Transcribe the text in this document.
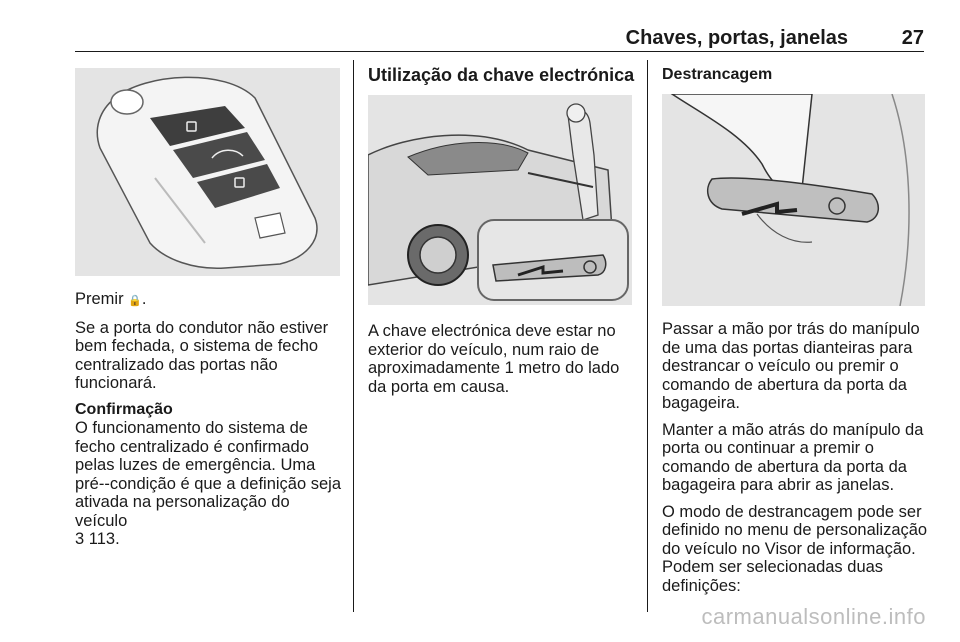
Chaves, portas, janelas	27

Premir 🔒.

Se a porta do condutor não estiver bem fechada, o sistema de fecho centralizado das portas não funcionará.

Confirmação

O funcionamento do sistema de fecho centralizado é confirmado pelas luzes de emergência. Uma pré--condição é que a definição seja ativada na personalização do veículo
3 113.

Utilização da chave electrónica

A chave electrónica deve estar no exterior do veículo, num raio de aproximadamente 1 metro do lado da porta em causa.

Destrancagem

Passar a mão por trás do manípulo de uma das portas dianteiras para destrancar o veículo ou premir o comando de abertura da porta da bagageira.

Manter a mão atrás do manípulo da porta ou continuar a premir o comando de abertura da porta da bagageira para abrir as janelas.

O modo de destrancagem pode ser definido no menu de personalização do veículo no Visor de informação. Podem ser selecionadas duas definições:

carmanualsonline.info
